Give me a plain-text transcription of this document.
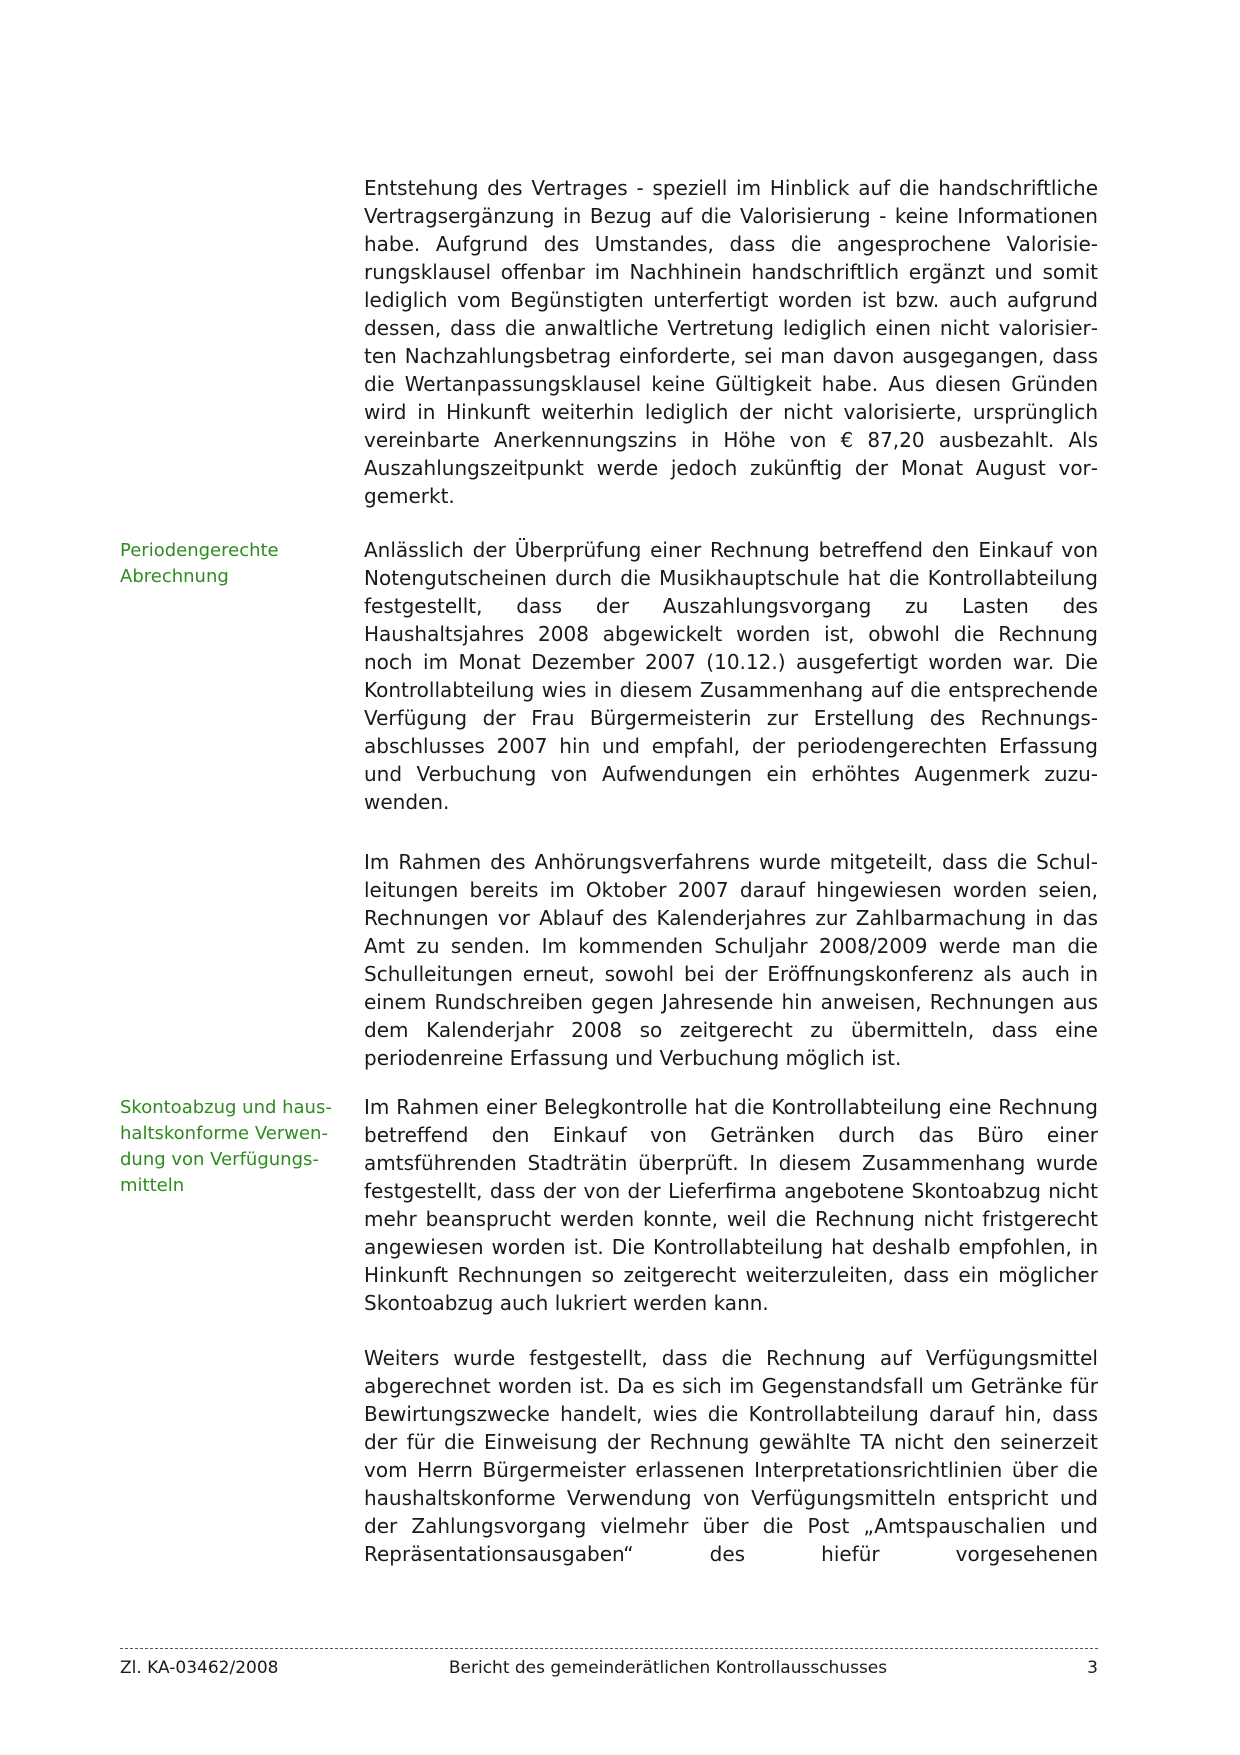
Entstehung des Vertrages - speziell im Hinblick auf die handschriftliche Vertragsergänzung in Bezug auf die Valorisierung - keine Informationen habe. Aufgrund des Umstandes, dass die angesprochene Valorisierungsklausel offenbar im Nachhinein handschriftlich ergänzt und somit lediglich vom Begünstigten unterfertigt worden ist bzw. auch aufgrund dessen, dass die anwaltliche Vertretung lediglich einen nicht valorisierten Nachzahlungsbetrag einforderte, sei man davon ausgegangen, dass die Wertanpassungsklausel keine Gültigkeit habe. Aus diesen Gründen wird in Hinkunft weiterhin lediglich der nicht valorisierte, ursprünglich vereinbarte Anerkennungszins in Höhe von € 87,20 ausbezahlt. Als Auszahlungszeitpunkt werde jedoch zukünftig der Monat August vorgemerkt.

Periodengerechte Abrechnung

Anlässlich der Überprüfung einer Rechnung betreffend den Einkauf von Notengutscheinen durch die Musikhauptschule hat die Kontrollabteilung festgestellt, dass der Auszahlungsvorgang zu Lasten des Haushaltsjahres 2008 abgewickelt worden ist, obwohl die Rechnung noch im Monat Dezember 2007 (10.12.) ausgefertigt worden war. Die Kontrollabteilung wies in diesem Zusammenhang auf die entsprechende Verfügung der Frau Bürgermeisterin zur Erstellung des Rechnungsabschlusses 2007 hin und empfahl, der periodengerechten Erfassung und Verbuchung von Aufwendungen ein erhöhtes Augenmerk zuzuwenden.

Im Rahmen des Anhörungsverfahrens wurde mitgeteilt, dass die Schulleitungen bereits im Oktober 2007 darauf hingewiesen worden seien, Rechnungen vor Ablauf des Kalenderjahres zur Zahlbarmachung in das Amt zu senden. Im kommenden Schuljahr 2008/2009 werde man die Schulleitungen erneut, sowohl bei der Eröffnungskonferenz als auch in einem Rundschreiben gegen Jahresende hin anweisen, Rechnungen aus dem Kalenderjahr 2008 so zeitgerecht zu übermitteln, dass eine periodenreine Erfassung und Verbuchung möglich ist.

Skontoabzug und haushaltskonforme Verwendung von Verfügungsmitteln

Im Rahmen einer Belegkontrolle hat die Kontrollabteilung eine Rechnung betreffend den Einkauf von Getränken durch das Büro einer amtsführenden Stadträtin überprüft. In diesem Zusammenhang wurde festgestellt, dass der von der Lieferfirma angebotene Skontoabzug nicht mehr beansprucht werden konnte, weil die Rechnung nicht fristgerecht angewiesen worden ist. Die Kontrollabteilung hat deshalb empfohlen, in Hinkunft Rechnungen so zeitgerecht weiterzuleiten, dass ein möglicher Skontoabzug auch lukriert werden kann.

Weiters wurde festgestellt, dass die Rechnung auf Verfügungsmittel abgerechnet worden ist. Da es sich im Gegenstandsfall um Getränke für Bewirtungszwecke handelt, wies die Kontrollabteilung darauf hin, dass der für die Einweisung der Rechnung gewählte TA nicht den seinerzeit vom Herrn Bürgermeister erlassenen Interpretationsrichtlinien über die haushaltskonforme Verwendung von Verfügungsmitteln entspricht und der Zahlungsvorgang vielmehr über die Post „Amtspauschalien und Repräsentationsausgaben“ des hiefür vorgesehenen

Zl. KA-03462/2008	Bericht des gemeinderätlichen Kontrollausschusses	3
